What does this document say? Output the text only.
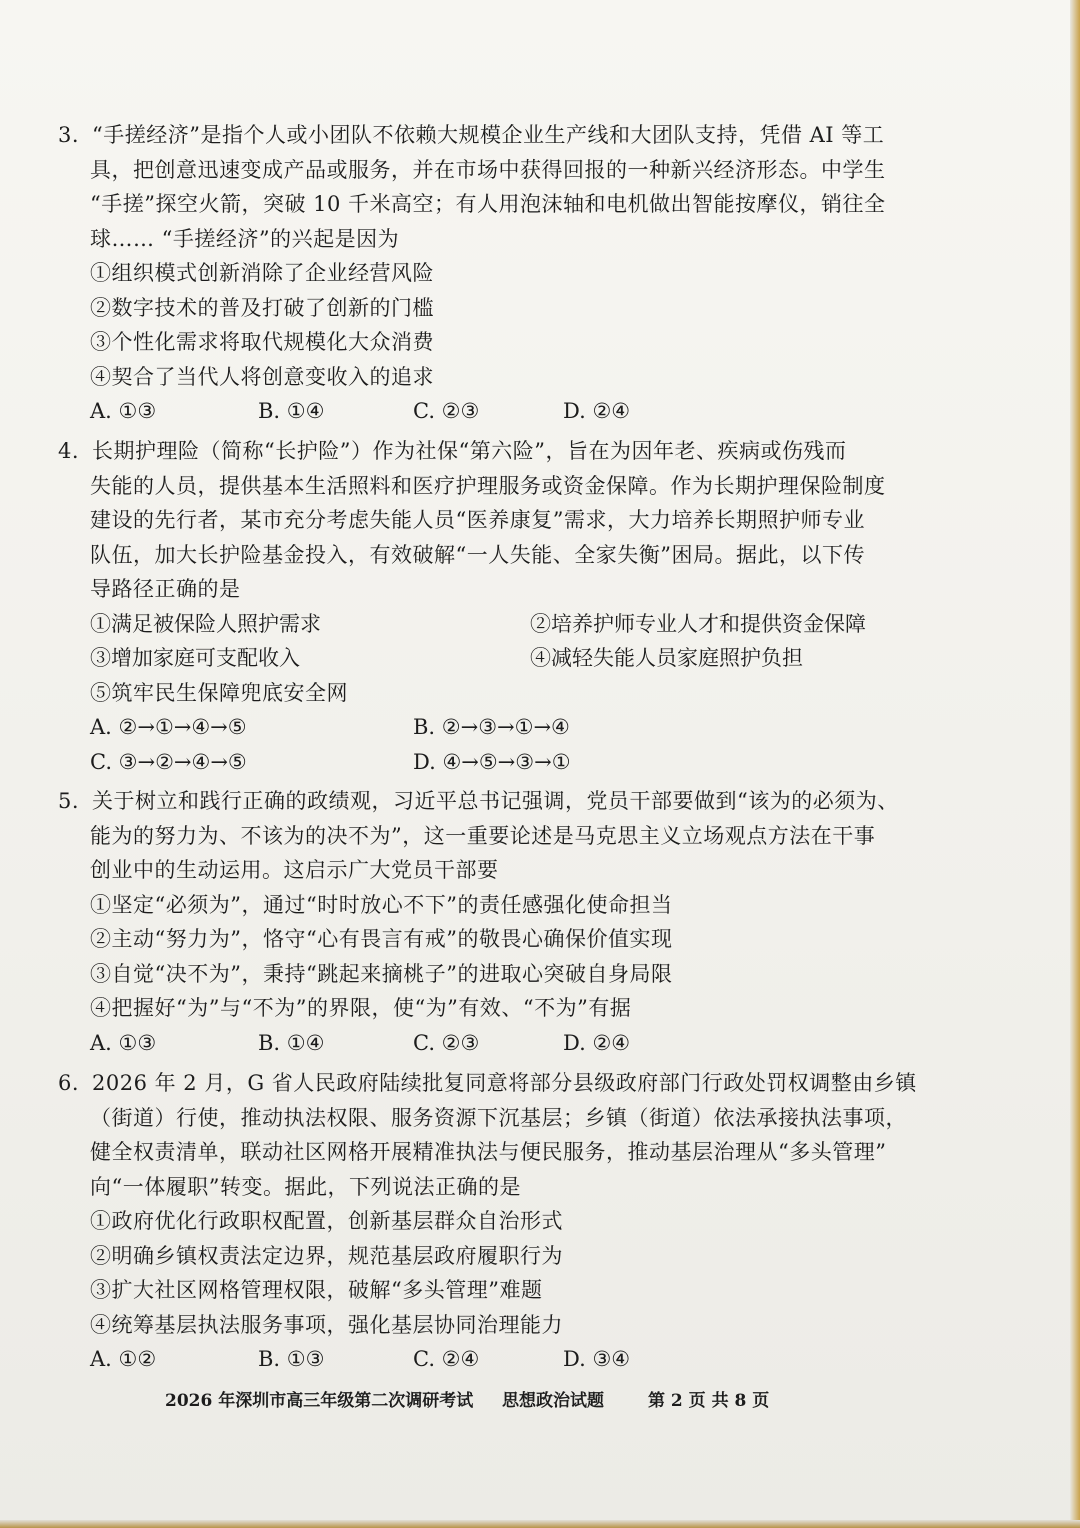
3. “手搓经济”是指个人或小团队不依赖大规模企业生产线和大团队支持，凭借 AI 等工
具，把创意迅速变成产品或服务，并在市场中获得回报的一种新兴经济形态。中学生
“手搓”探空火箭，突破 10 千米高空；有人用泡沫轴和电机做出智能按摩仪，销往全
球…… “手搓经济”的兴起是因为
①组织模式创新消除了企业经营风险
②数字技术的普及打破了创新的门槛
③个性化需求将取代规模化大众消费
④契合了当代人将创意变收入的追求
A. ①③	B. ①④	C. ②③	D. ②④
4. 长期护理险（简称“长护险”）作为社保“第六险”，旨在为因年老、疾病或伤残而
失能的人员，提供基本生活照料和医疗护理服务或资金保障。作为长期护理保险制度
建设的先行者，某市充分考虑失能人员“医养康复”需求，大力培养长期照护师专业
队伍，加大长护险基金投入，有效破解“一人失能、全家失衡”困局。据此，以下传
导路径正确的是
①满足被保险人照护需求	②培养护师专业人才和提供资金保障
③增加家庭可支配收入	④减轻失能人员家庭照护负担
⑤筑牢民生保障兜底安全网
A. ②→①→④→⑤	B. ②→③→①→④
C. ③→②→④→⑤	D. ④→⑤→③→①
5. 关于树立和践行正确的政绩观，习近平总书记强调，党员干部要做到“该为的必须为、
能为的努力为、不该为的决不为”，这一重要论述是马克思主义立场观点方法在干事
创业中的生动运用。这启示广大党员干部要
①坚定“必须为”，通过“时时放心不下”的责任感强化使命担当
②主动“努力为”，恪守“心有畏言有戒”的敬畏心确保价值实现
③自觉“决不为”，秉持“跳起来摘桃子”的进取心突破自身局限
④把握好“为”与“不为”的界限，使“为”有效、“不为”有据
A. ①③	B. ①④	C. ②③	D. ②④
6. 2026 年 2 月，G 省人民政府陆续批复同意将部分县级政府部门行政处罚权调整由乡镇
（街道）行使，推动执法权限、服务资源下沉基层；乡镇（街道）依法承接执法事项，
健全权责清单，联动社区网格开展精准执法与便民服务，推动基层治理从“多头管理”
向“一体履职”转变。据此，下列说法正确的是
①政府优化行政职权配置，创新基层群众自治形式
②明确乡镇权责法定边界，规范基层政府履职行为
③扩大社区网格管理权限，破解“多头管理”难题
④统筹基层执法服务事项，强化基层协同治理能力
A. ①②	B. ①③	C. ②④	D. ③④
2026 年深圳市高三年级第二次调研考试 思想政治试题	第 2 页 共 8 页
